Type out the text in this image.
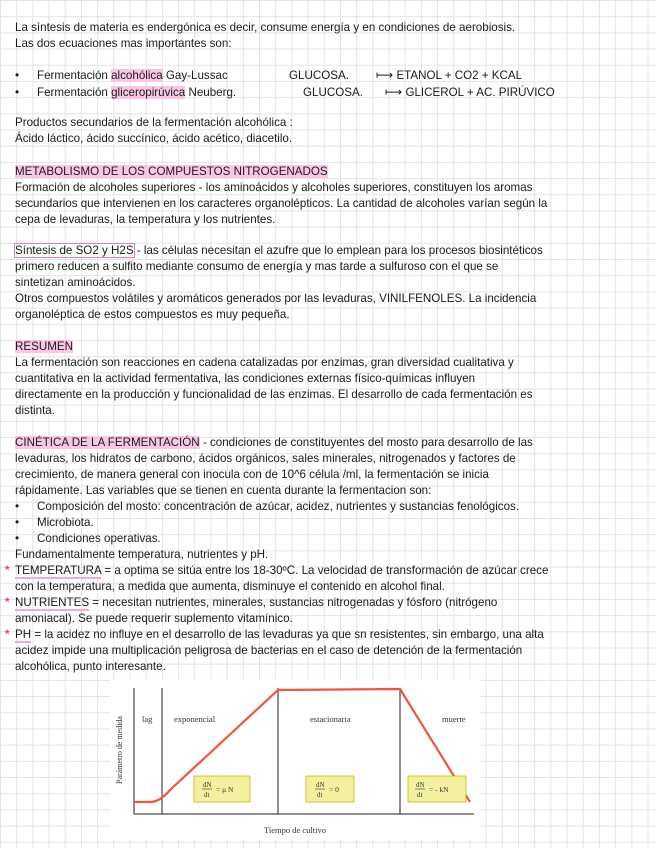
La síntesis de materia es endergónica es decir, consume energía y en condiciones de aerobiosis.
Las dos ecuaciones mas importantes son:
• Fermentación alcohólica Gay-Lussac	GLUCOSA. ⟼ ETANOL + CO2 + KCAL
• Fermentación gliceropirúvica Neuberg.	GLUCOSA. ⟼ GLICEROL + AC. PIRÚVICO
Productos secundarios de la fermentación alcohólica :
Ácido láctico, ácido succínico, ácido acético, diacetilo.
METABOLISMO DE LOS COMPUESTOS NITROGENADOS
Formación de alcoholes superiores - los aminoácidos y alcoholes superiores, constituyen los aromas
secundarios que intervienen en los caracteres organolépticos. La cantidad de alcoholes varían según la
cepa de levaduras, la temperatura y los nutrientes.
Síntesis de SO2 y H2S - las células necesitan el azufre que lo emplean para los procesos biosintéticos
primero reducen a sulfito mediante consumo de energía y mas tarde a sulfuroso con el que se
sintetizan aminoácidos.
Otros compuestos volátiles y aromáticos generados por las levaduras, VINILFENOLES. La incidencia
organoléptica de estos compuestos es muy pequeña.
RESUMEN
La fermentación son reacciones en cadena catalizadas por enzimas, gran diversidad cualitativa y
cuantitativa en la actividad fermentativa, las condiciones externas físico-químicas influyen
directamente en la producción y funcionalidad de las enzimas. El desarrollo de cada fermentación es
distinta.
CINÉTICA DE LA FERMENTACIÓN - condiciones de constituyentes del mosto para desarrollo de las
levaduras, los hidratos de carbono, ácidos orgánicos, sales minerales, nitrogenados y factores de
crecimiento, de manera general con inocula con de 10^6 célula /ml, la fermentación se inicia
rápidamente. Las variables que se tienen en cuenta durante la fermentacion son:
• Composición del mosto: concentración de azúcar, acidez, nutrientes y sustancias fenológicos.
• Microbiota.
• Condiciones operativas.
Fundamentalmente temperatura, nutrientes y pH.
* TEMPERATURA = a optima se sitúa entre los 18-30ºC. La velocidad de transformación de azúcar crece
con la temperatura, a medida que aumenta, disminuye el contenido en alcohol final.
* NUTRIENTES = necesitan nutrientes, minerales, sustancias nitrogenadas y fósforo (nitrógeno
amoniacal). Se puede requerir suplemento vitamínico.
* PH = la acidez no influye en el desarrollo de las levaduras ya que sn resistentes, sin embargo, una alta
acidez impide una multiplicación peligrosa de bacterias en el caso de detención de la fermentación
alcohólica, punto interesante.
lag	exponencial	estacionaria	muerte
Parámetro de medida
Tiempo de cultivo
dN
dt
= μ N	dN
dt
= 0	dN
dt
= - kN
